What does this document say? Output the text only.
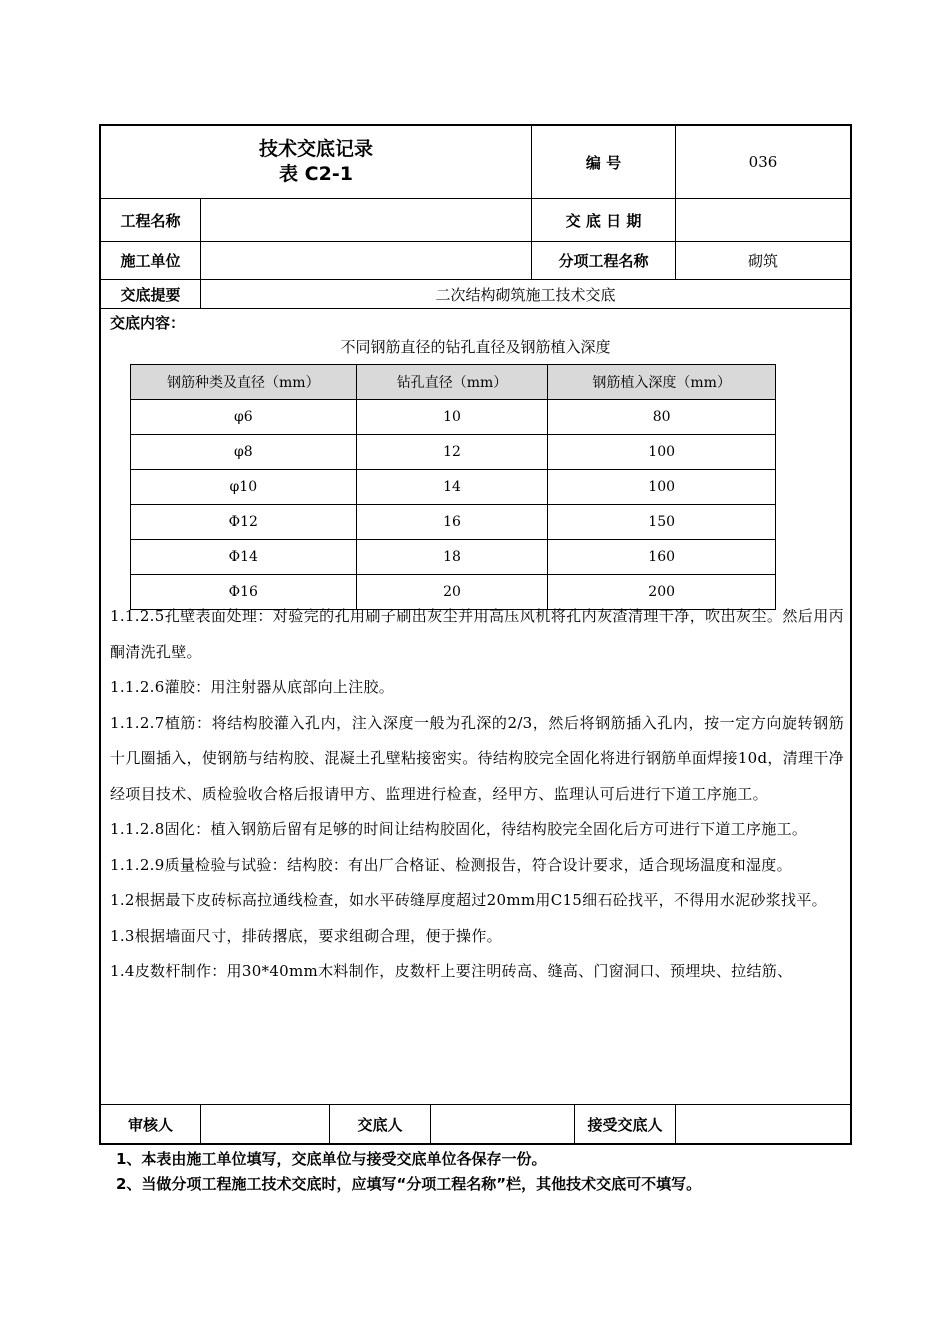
技术交底记录
表 C2-1
编 号	036
工程名称	交 底 日 期
施工单位	分项工程名称	砌筑
交底提要	二次结构砌筑施工技术交底
交底内容：
不同钢筋直径的钻孔直径及钢筋植入深度
钢筋种类及直径（mm）	钻孔直径（mm）	钢筋植入深度（mm）
φ6	10	80
φ8	12	100
φ10	14	100
Φ12	16	150
Φ14	18	160
Φ16	20	200

1.1.2.5孔壁表面处理：对验完的孔用刷子刷出灰尘并用高压风机将孔内灰渣清理干净，吹出灰尘。然后用丙酮清洗孔壁。

1.1.2.6灌胶：用注射器从底部向上注胶。

1.1.2.7植筋：将结构胶灌入孔内，注入深度一般为孔深的2/3，然后将钢筋插入孔内，按一定方向旋转钢筋十几圈插入，使钢筋与结构胶、混凝土孔壁粘接密实。待结构胶完全固化将进行钢筋单面焊接10d，清理干净经项目技术、质检验收合格后报请甲方、监理进行检查，经甲方、监理认可后进行下道工序施工。

1.1.2.8固化：植入钢筋后留有足够的时间让结构胶固化，待结构胶完全固化后方可进行下道工序施工。

1.1.2.9质量检验与试验：结构胶：有出厂合格证、检测报告，符合设计要求，适合现场温度和湿度。

1.2根据最下皮砖标高拉通线检查，如水平砖缝厚度超过20mm用C15细石砼找平，不得用水泥砂浆找平。

1.3根据墙面尺寸，排砖撂底，要求组砌合理，便于操作。

1.4皮数杆制作：用30*40mm木料制作，皮数杆上要注明砖高、缝高、门窗洞口、预埋块、拉结筋、

审核人	交底人	接受交底人

1、本表由施工单位填写，交底单位与接受交底单位各保存一份。

2、当做分项工程施工技术交底时，应填写“分项工程名称”栏，其他技术交底可不填写。
